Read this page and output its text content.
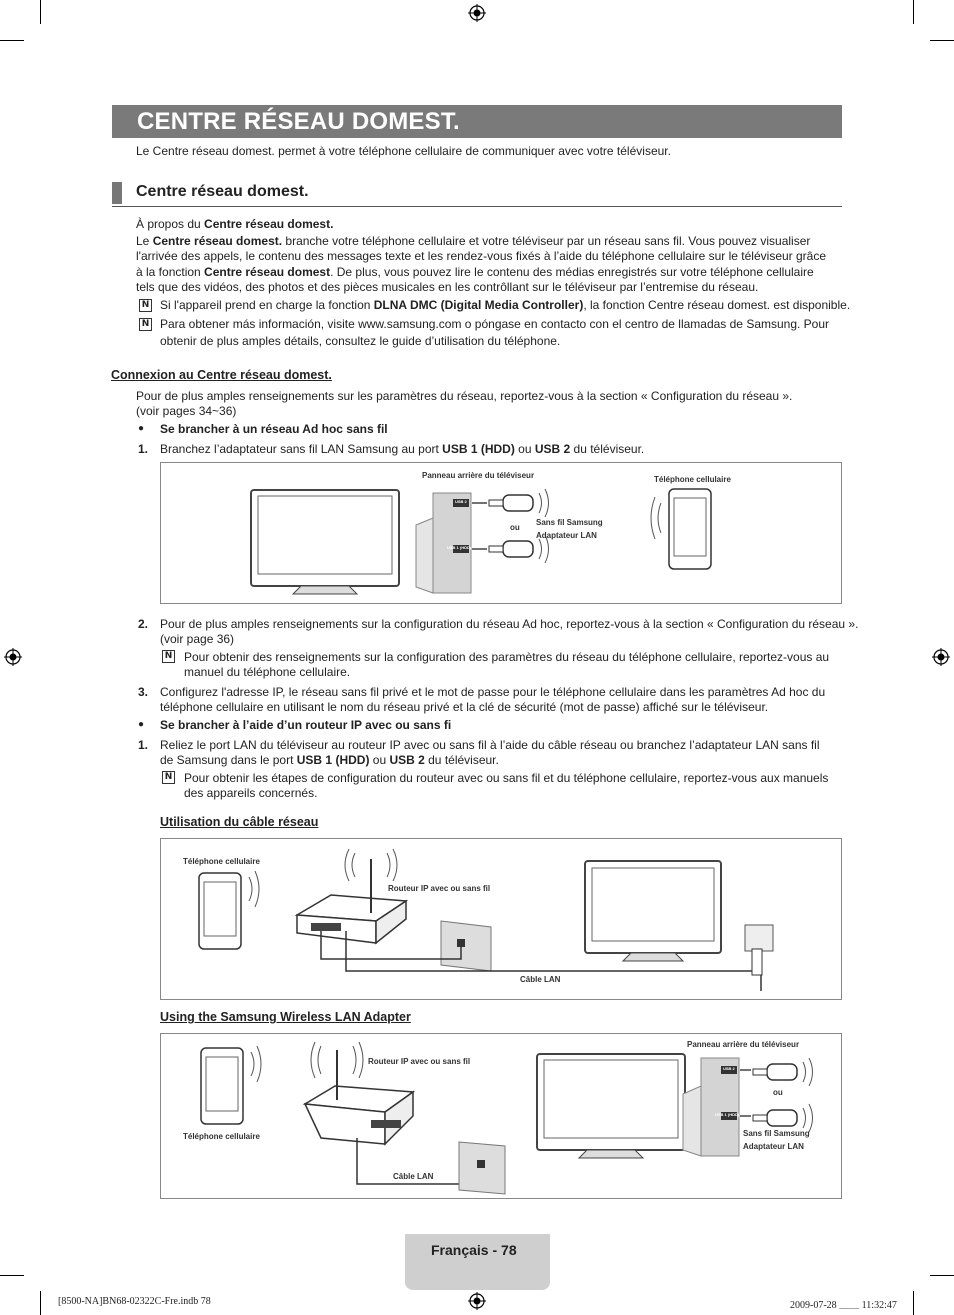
CENTRE RÉSEAU DOMEST.

Le Centre réseau domest. permet à votre téléphone cellulaire de communiquer avec votre téléviseur.

Centre réseau domest.

À propos du Centre réseau domest.

Le Centre réseau domest. branche votre téléphone cellulaire et votre téléviseur par un réseau sans fil. Vous pouvez visualiser

l'arrivée des appels, le contenu des messages texte et les rendez-vous fixés à l’aide du téléphone cellulaire sur le téléviseur grâce

à la fonction Centre réseau domest. De plus, vous pouvez lire le contenu des médias enregistrés sur votre téléphone cellulaire

tels que des vidéos, des photos et des pièces musicales en les contrôllant sur le téléviseur par l’entremise du réseau.

N Si l'appareil prend en charge la fonction DLNA DMC (Digital Media Controller), la fonction Centre réseau domest. est disponible.

N Para obtener más información, visite www.samsung.com o póngase en contacto con el centro de llamadas de Samsung. Pour

obtenir de plus amples détails, consultez le guide d’utilisation du téléphone.

Connexion au Centre réseau domest.

Pour de plus amples renseignements sur les paramètres du réseau, reportez-vous à la section « Configuration du réseau ».

(voir pages 34~36)

● Se brancher à un réseau Ad hoc sans fil

1. Branchez l’adaptateur sans fil LAN Samsung au port USB 1 (HDD) ou USB 2 du téléviseur.

Panneau arrière du téléviseur	Téléphone cellulaire
ou
Sans fil Samsung
Adaptateur LAN
USB 2
USB 1 (HDD)
2. Pour de plus amples renseignements sur la configuration du réseau Ad hoc, reportez-vous à la section « Configuration du réseau ».

(voir page 36)

N Pour obtenir des renseignements sur la configuration des paramètres du réseau du téléphone cellulaire, reportez-vous au

manuel du téléphone cellulaire.

3. Configurez l'adresse IP, le réseau sans fil privé et le mot de passe pour le téléphone cellulaire dans les paramètres Ad hoc du

téléphone cellulaire en utilisant le nom du réseau privé et la clé de sécurité (mot de passe) affiché sur le téléviseur.

● Se brancher à l’aide d’un routeur IP avec ou sans fi

1. Reliez le port LAN du téléviseur au routeur IP avec ou sans fil à l’aide du câble réseau ou branchez l’adaptateur LAN sans fil

de Samsung dans le port USB 1 (HDD) ou USB 2 du téléviseur.

N Pour obtenir les étapes de configuration du routeur avec ou sans fil et du téléphone cellulaire, reportez-vous aux manuels

des appareils concernés.

Utilisation du câble réseau
Téléphone cellulaire
Routeur IP avec ou sans fil
Câble LAN
Using the Samsung Wireless LAN Adapter
Routeur IP avec ou sans fil
Téléphone cellulaire
Câble LAN
Panneau arrière du téléviseur
ou
Sans fil Samsung
Adaptateur LAN
USB 2
USB 1 (HDD)
Français - 78
[8500-NA]BN68-02322C-Fre.indb 78	2009-07-28 ＿＿ 11:32:47
